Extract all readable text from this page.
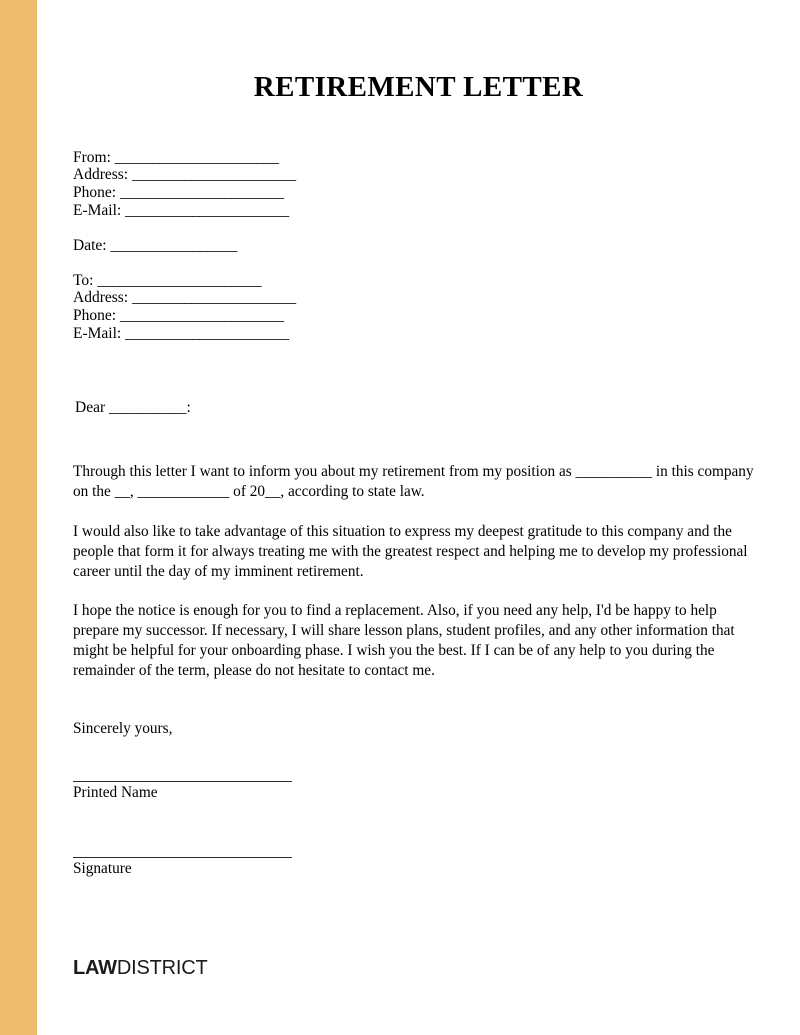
RETIREMENT LETTER
From: ______________________
Address: ______________________
Phone: ______________________
E-Mail: ______________________
Date: _________________
To: ______________________
Address: ______________________
Phone: ______________________
E-Mail: ______________________
Dear __________:

Through this letter I want to inform you about my retirement from my position as __________ in this company on the __, ____________ of 20__, according to state law.

I would also like to take advantage of this situation to express my deepest gratitude to this company and the people that form it for always treating me with the greatest respect and helping me to develop my professional career until the day of my imminent retirement.

I hope the notice is enough for you to find a replacement. Also, if you need any help, I'd be happy to help prepare my successor. If necessary, I will share lesson plans, student profiles, and any other information that might be helpful for your onboarding phase. I wish you the best. If I can be of any help to you during the remainder of the term, please do not hesitate to contact me.

Sincerely yours,

Printed Name

Signature

LAWDISTRICT
